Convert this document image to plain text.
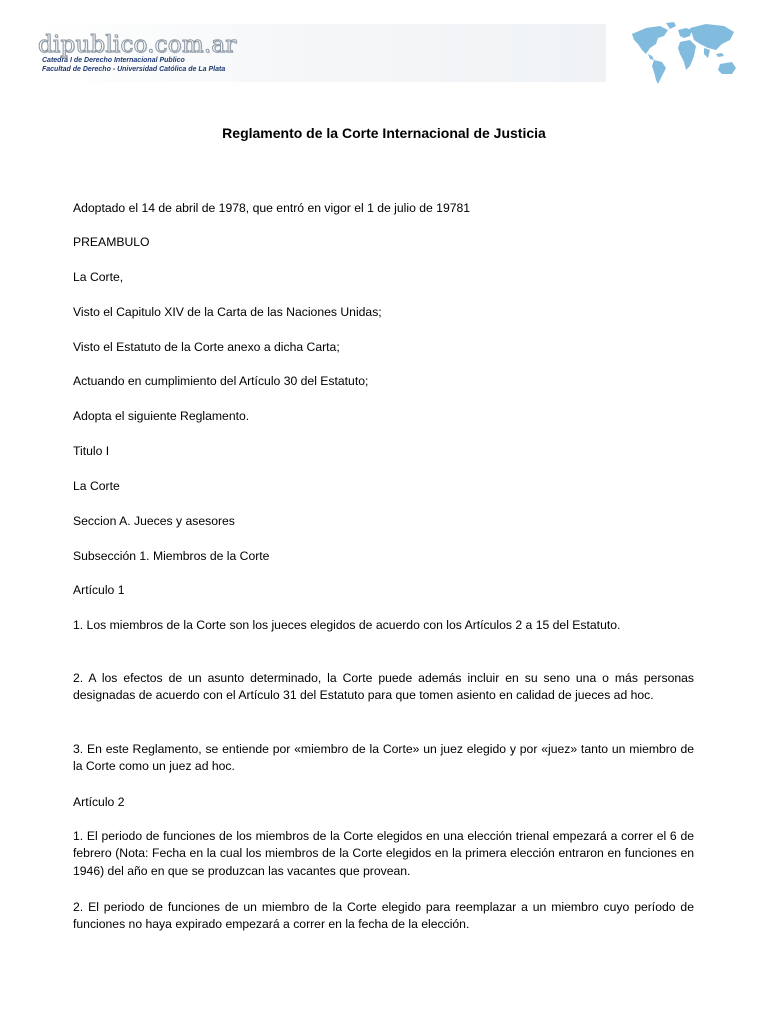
dipublico.com.ar
Catedra I de Derecho Internacional Publico
Facultad de Derecho - Universidad Católica de La Plata
Reglamento de la Corte Internacional de Justicia

Adoptado el 14 de abril de 1978, que entró en vigor el 1 de julio de 19781

PREAMBULO

La Corte,

Visto el Capitulo XIV de la Carta de las Naciones Unidas;

Visto el Estatuto de la Corte anexo a dicha Carta;

Actuando en cumplimiento del Artículo 30 del Estatuto;

Adopta el siguiente Reglamento.

Titulo I

La Corte

Seccion A. Jueces y asesores

Subsección 1. Miembros de la Corte

Artículo 1

1. Los miembros de la Corte son los jueces elegidos de acuerdo con los Artículos 2 a 15 del Estatuto.

2. A los efectos de un asunto determinado, la Corte puede además incluir en su seno una o más personas designadas de acuerdo con el Artículo 31 del Estatuto para que tomen asiento en calidad de jueces ad hoc.

3. En este Reglamento, se entiende por «miembro de la Corte» un juez elegido y por «juez» tanto un miembro de la Corte como un juez ad hoc.

Artículo 2

1. El periodo de funciones de los miembros de la Corte elegidos en una elección trienal empezará a correr el 6 de febrero (Nota: Fecha en la cual los miembros de la Corte elegidos en la primera elección entraron en funciones en 1946) del año en que se produzcan las vacantes que provean.

2. El periodo de funciones de un miembro de la Corte elegido para reemplazar a un miembro cuyo período de funciones no haya expirado empezará a correr en la fecha de la elección.
